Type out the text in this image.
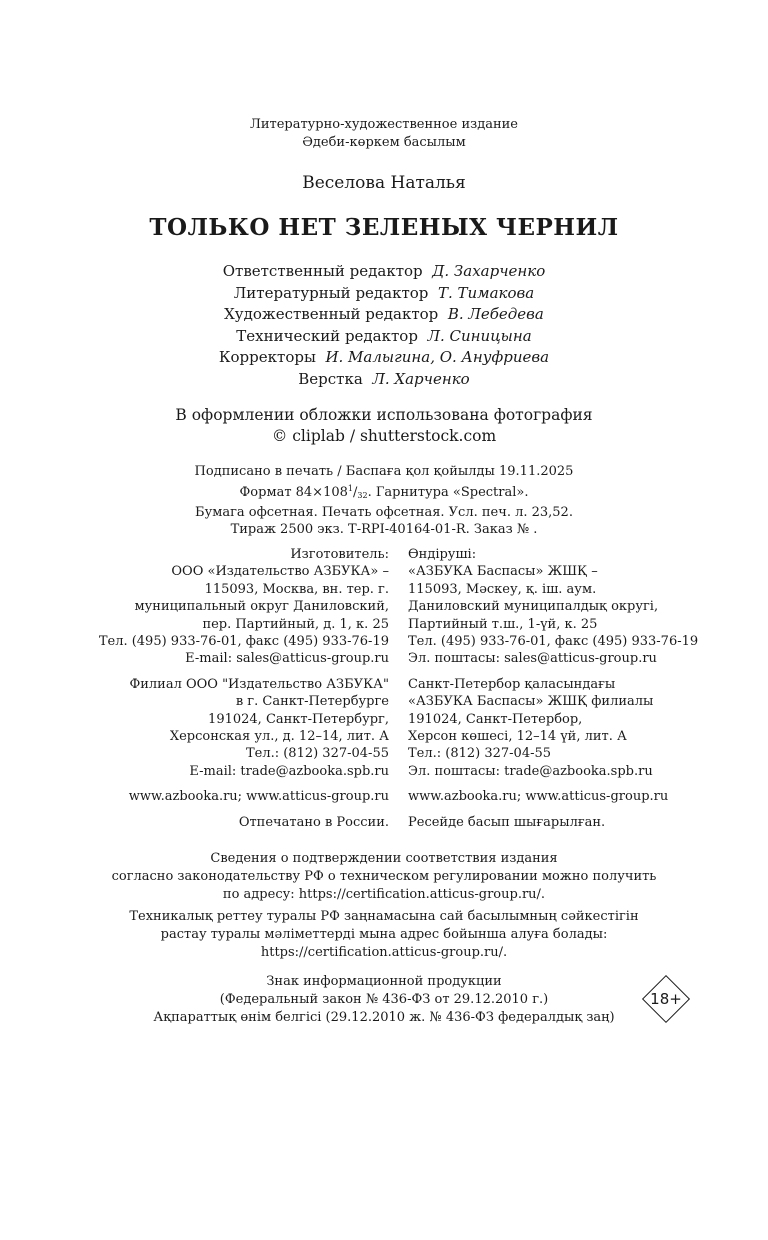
Литературно-художественное издание
Әдеби-көркем басылым
Веселова Наталья
ТОЛЬКО НЕТ ЗЕЛЕНЫХ ЧЕРНИЛ
Ответственный редактор Д. Захарченко
Литературный редактор Т. Тимакова
Художественный редактор В. Лебедева
Технический редактор Л. Синицына
Корректоры И. Малыгина, О. Ануфриева
Верстка Л. Харченко
В оформлении обложки использована фотография
© cliplab / shutterstock.com
Подписано в печать / Баспаға қол қойылды 19.11.2025
Формат $84\times 108^1/_{32}$. Гарнитура «Spectral».
Бумага офсетная. Печать офсетная. Усл. печ. л. 23,52.
Тираж 2500 экз. Т-RPI-40164-01-R. Заказ № .
Изготовитель:
ООО «Издательство АЗБУКА» –
115093, Москва, вн. тер. г.
муниципальный округ Даниловский,
пер. Партийный, д. 1, к. 25
Тел. (495) 933-76-01, факс (495) 933-76-19
E-mail: sales@atticus-group.ru
Филиал ООО "Издательство АЗБУКА"
в г. Санкт-Петербурге
191024, Санкт-Петербург,
Херсонская ул., д. 12–14, лит. А
Тел.: (812) 327-04-55
E-mail: trade@azbooka.spb.ru
www.azbooka.ru; www.atticus-group.ru
Отпечатано в России.
Өндіруші:
«АЗБУКА Баспасы» ЖШҚ –
115093, Мәскеу, қ. іш. аум.
Даниловский муниципалдық округі,
Партийный т.ш., 1-үй, к. 25
Тел. (495) 933-76-01, факс (495) 933-76-19
Эл. поштасы: sales@atticus-group.ru
Санкт-Петербор қаласындағы
«АЗБУКА Баспасы» ЖШҚ филиалы
191024, Санкт-Петербор,
Херсон көшесі, 12–14 үй, лит. А
Тел.: (812) 327-04-55
Эл. поштасы: trade@azbooka.spb.ru
www.azbooka.ru; www.atticus-group.ru
Ресейде басып шығарылған.
Сведения о подтверждении соответствия издания
согласно законодательству РФ о техническом регулировании можно получить
по адресу: https://certification.atticus-group.ru/.
Техникалық реттеу туралы РФ заңнамасына сай басылымның сәйкестігін
растау туралы мәліметтерді мына адрес бойынша алуға болады:
https://certification.atticus-group.ru/.
Знак информационной продукции
(Федеральный закон № 436-ФЗ от 29.12.2010 г.)
Ақпараттық өнім белгісі (29.12.2010 ж. № 436-ФЗ федералдық заң)
18+
